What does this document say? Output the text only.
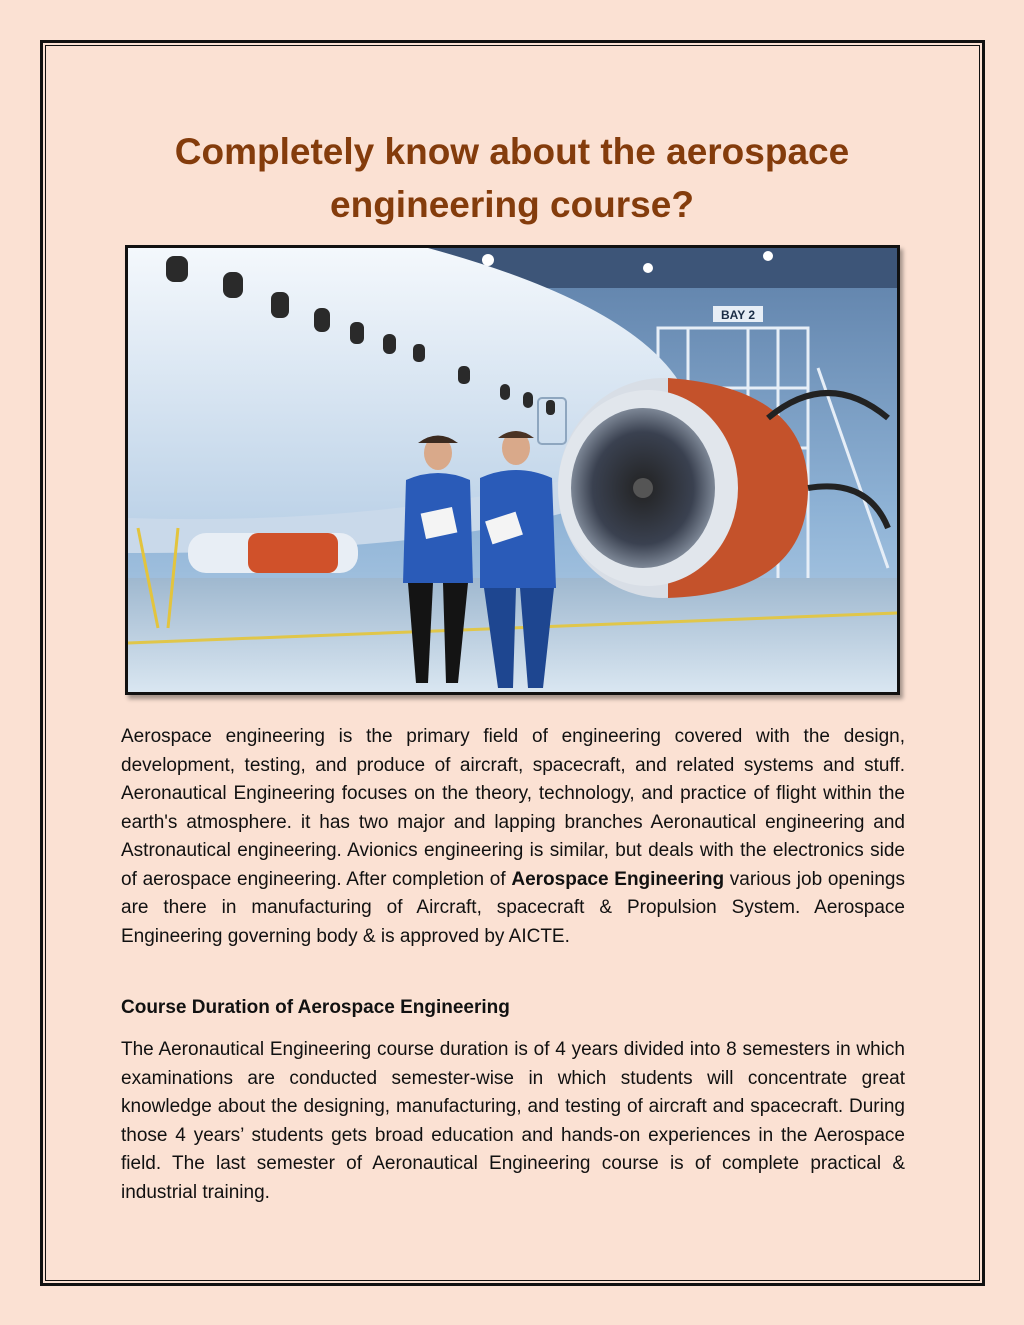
Completely know about the aerospace engineering course?
BAY 2

Aerospace engineering is the primary field of engineering covered with the design, development, testing, and produce of aircraft, spacecraft, and related systems and stuff. Aeronautical Engineering focuses on the theory, technology, and practice of flight within the earth's atmosphere. it has two major and lapping branches Aeronautical engineering and Astronautical engineering. Avionics engineering is similar, but deals with the electronics side of aerospace engineering. After completion of Aerospace Engineering various job openings are there in manufacturing of Aircraft, spacecraft & Propulsion System. Aerospace Engineering governing body & is approved by AICTE.

Course Duration of Aerospace Engineering

The Aeronautical Engineering course duration is of 4 years divided into 8 semesters in which examinations are conducted semester-wise in which students will concentrate great knowledge about the designing, manufacturing, and testing of aircraft and spacecraft. During those 4 years’ students gets broad education and hands-on experiences in the Aerospace field. The last semester of Aeronautical Engineering course is of complete practical & industrial training.
